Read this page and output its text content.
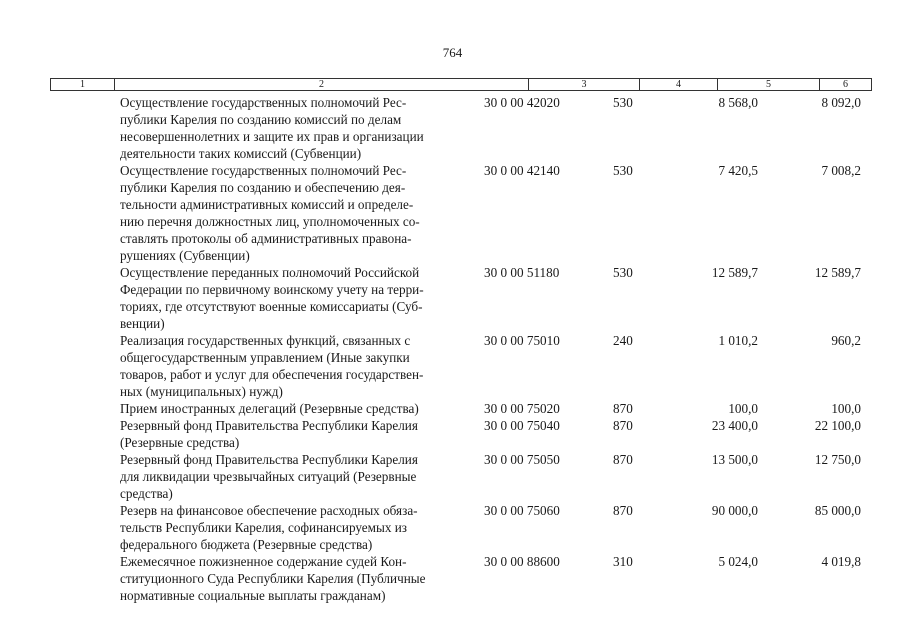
764
1	2	3	4	5	6
Осуществление государственных полномочий Рес-
публики Карелия по созданию комиссий по делам
несовершеннолетних и защите их прав и организации
деятельности таких комиссий (Субвенции)
30 0 00 42020	530	8 568,0	8 092,0
Осуществление государственных полномочий Рес-
публики Карелия по созданию и обеспечению дея-
тельности административных комиссий и определе-
нию перечня должностных лиц, уполномоченных со-
ставлять протоколы об административных правона-
рушениях (Субвенции)
30 0 00 42140	530	7 420,5	7 008,2
Осуществление переданных полномочий Российской
Федерации по первичному воинскому учету на терри-
ториях, где отсутствуют военные комиссариаты (Суб-
венции)
30 0 00 51180	530	12 589,7	12 589,7
Реализация государственных функций, связанных с
общегосударственным управлением (Иные закупки
товаров, работ и услуг для обеспечения государствен-
ных (муниципальных) нужд)
30 0 00 75010	240	1 010,2	960,2
Прием иностранных делегаций (Резервные средства)	30 0 00 75020	870	100,0	100,0
Резервный фонд Правительства Республики Карелия
(Резервные средства)
30 0 00 75040	870	23 400,0	22 100,0
Резервный фонд Правительства Республики Карелия
для ликвидации чрезвычайных ситуаций (Резервные
средства)
30 0 00 75050	870	13 500,0	12 750,0
Резерв на финансовое обеспечение расходных обяза-
тельств Республики Карелия, софинансируемых из
федерального бюджета (Резервные средства)
30 0 00 75060	870	90 000,0	85 000,0
Ежемесячное пожизненное содержание судей Кон-
ституционного Суда Республики Карелия (Публичные
нормативные социальные выплаты гражданам)
30 0 00 88600	310	5 024,0	4 019,8
